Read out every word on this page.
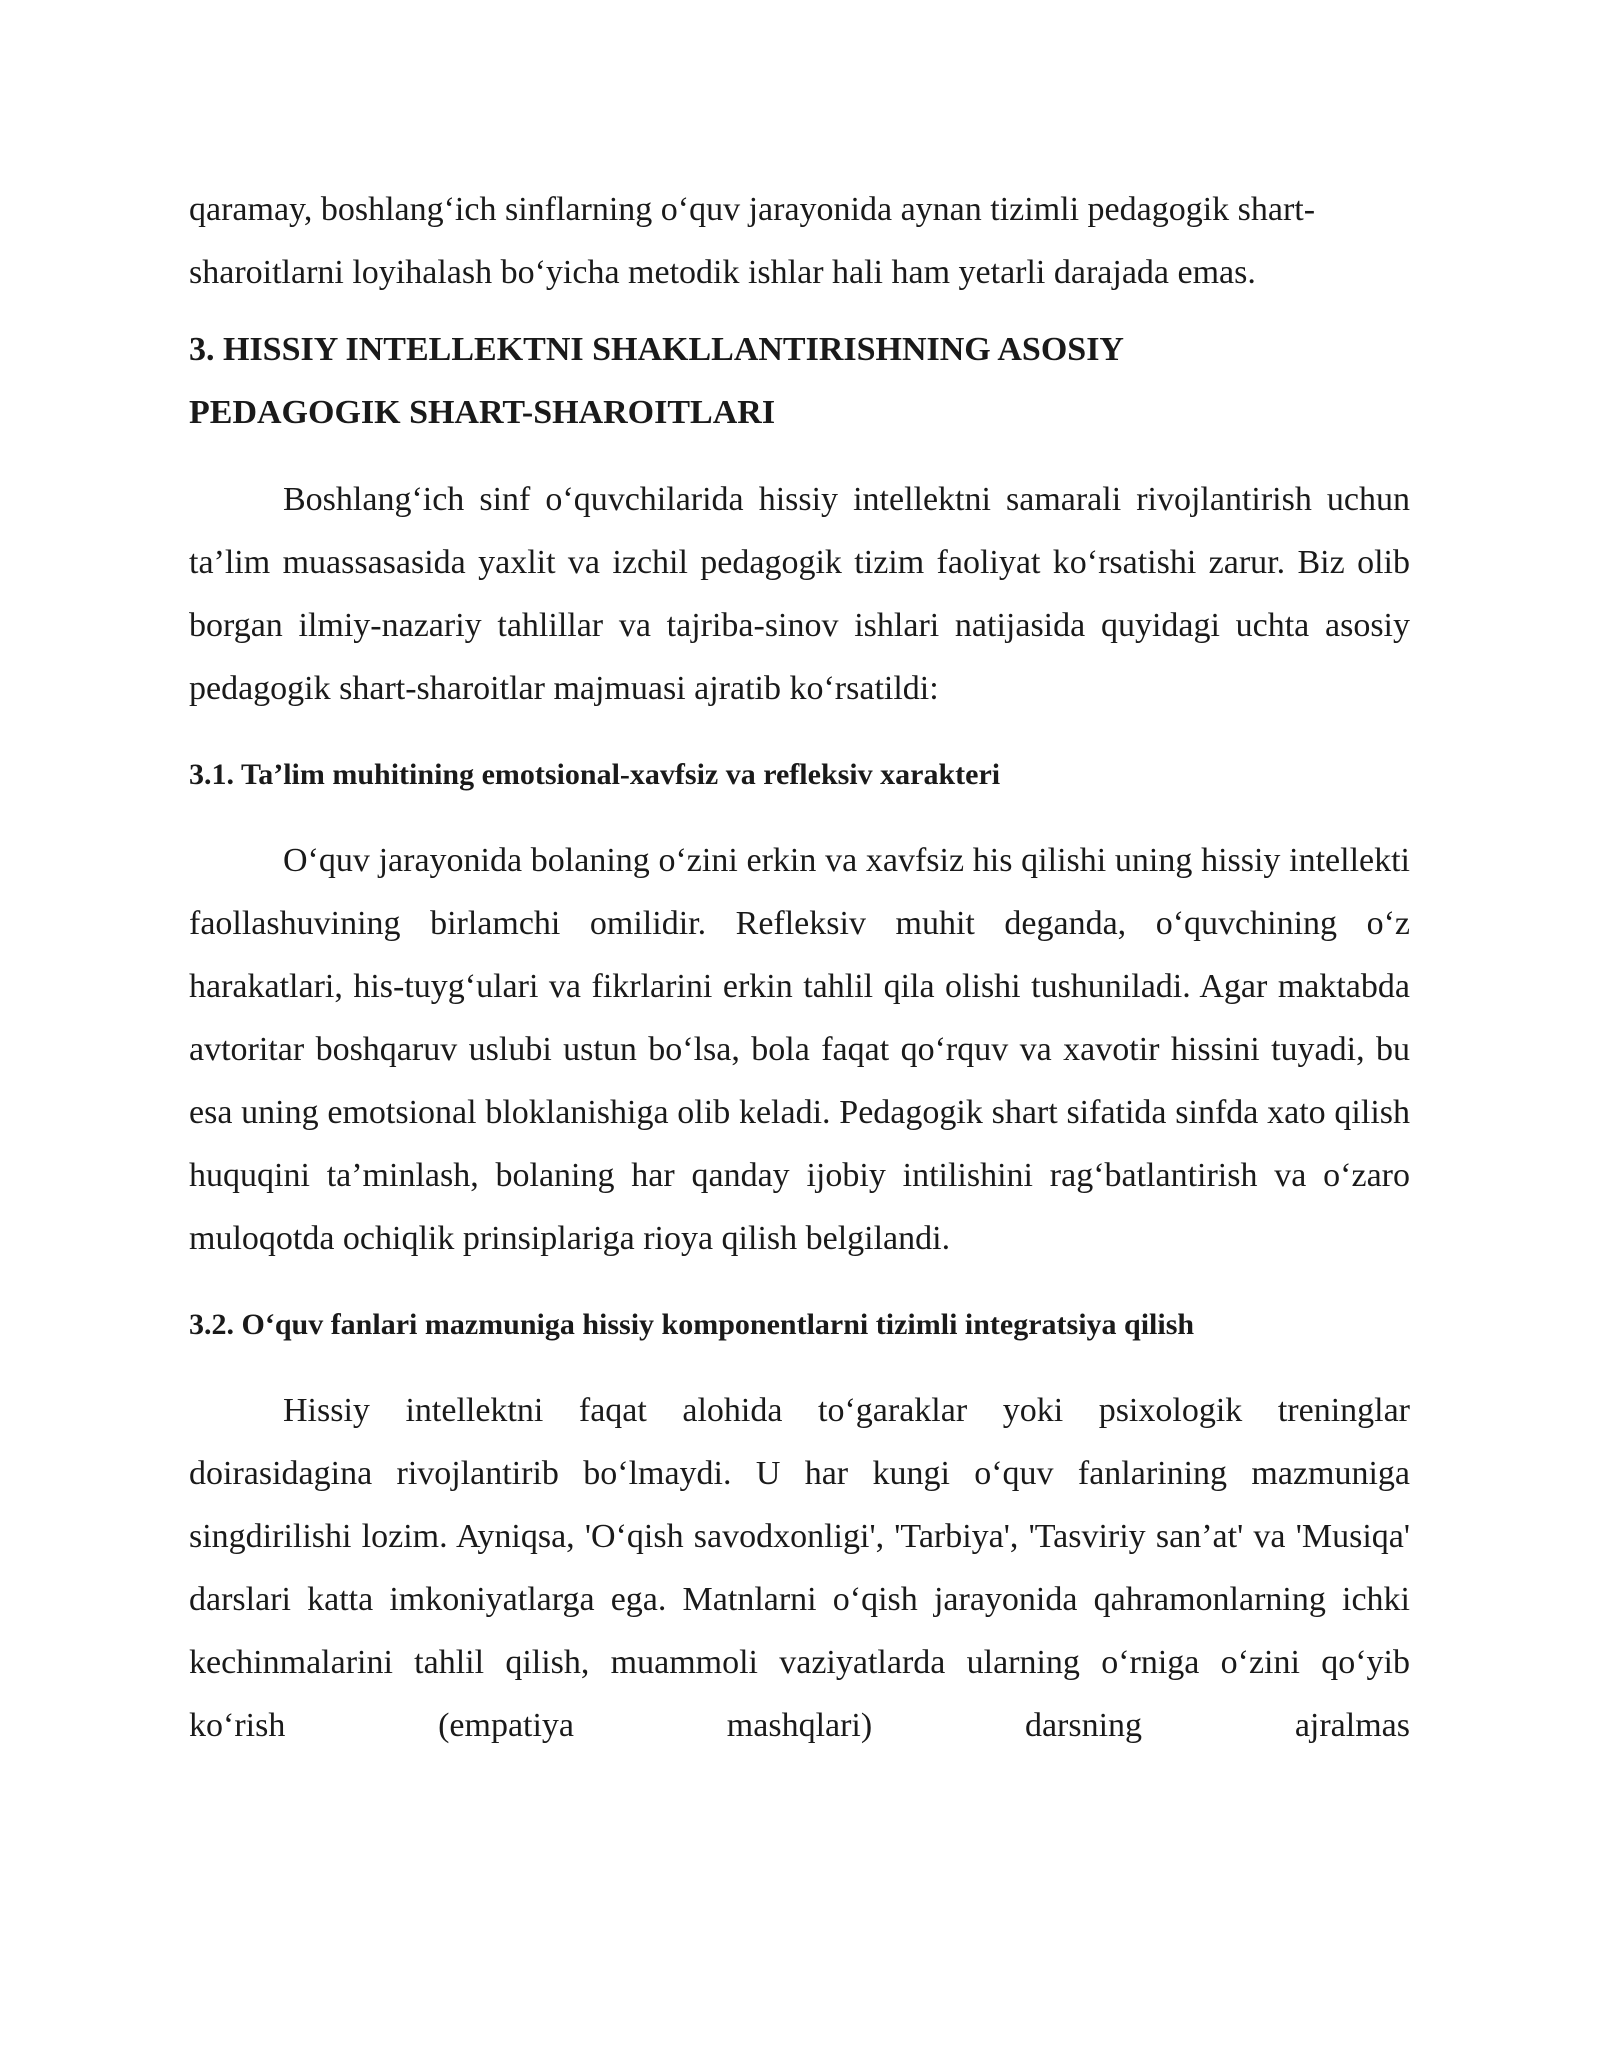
qaramay, boshlang‘ich sinflarning o‘quv jarayonida aynan tizimli pedagogik shart-sharoitlarni loyihalash bo‘yicha metodik ishlar hali ham yetarli darajada emas.

3. HISSIY INTELLEKTNI SHAKLLANTIRISHNING ASOSIY
PEDAGOGIK SHART-SHAROITLARI

Boshlang‘ich sinf o‘quvchilarida hissiy intellektni samarali rivojlantirish uchun ta’lim muassasasida yaxlit va izchil pedagogik tizim faoliyat ko‘rsatishi zarur. Biz olib borgan ilmiy-nazariy tahlillar va tajriba-sinov ishlari natijasida quyidagi uchta asosiy pedagogik shart-sharoitlar majmuasi ajratib ko‘rsatildi:

3.1. Ta’lim muhitining emotsional-xavfsiz va refleksiv xarakteri

O‘quv jarayonida bolaning o‘zini erkin va xavfsiz his qilishi uning hissiy intellekti faollashuvining birlamchi omilidir. Refleksiv muhit deganda, o‘quvchining o‘z harakatlari, his-tuyg‘ulari va fikrlarini erkin tahlil qila olishi tushuniladi. Agar maktabda avtoritar boshqaruv uslubi ustun bo‘lsa, bola faqat qo‘rquv va xavotir hissini tuyadi, bu esa uning emotsional bloklanishiga olib keladi. Pedagogik shart sifatida sinfda xato qilish huquqini ta’minlash, bolaning har qanday ijobiy intilishini rag‘batlantirish va o‘zaro muloqotda ochiqlik prinsiplariga rioya qilish belgilandi.

3.2. O‘quv fanlari mazmuniga hissiy komponentlarni tizimli integratsiya qilish

Hissiy intellektni faqat alohida to‘garaklar yoki psixologik treninglar doirasidagina rivojlantirib bo‘lmaydi. U har kungi o‘quv fanlarining mazmuniga singdirilishi lozim. Ayniqsa, 'O‘qish savodxonligi', 'Tarbiya', 'Tasviriy san’at' va 'Musiqa' darslari katta imkoniyatlarga ega. Matnlarni o‘qish jarayonida qahramonlarning ichki kechinmalarini tahlil qilish, muammoli vaziyatlarda ularning o‘rniga o‘zini qo‘yib ko‘rish (empatiya mashqlari) darsning ajralmas
